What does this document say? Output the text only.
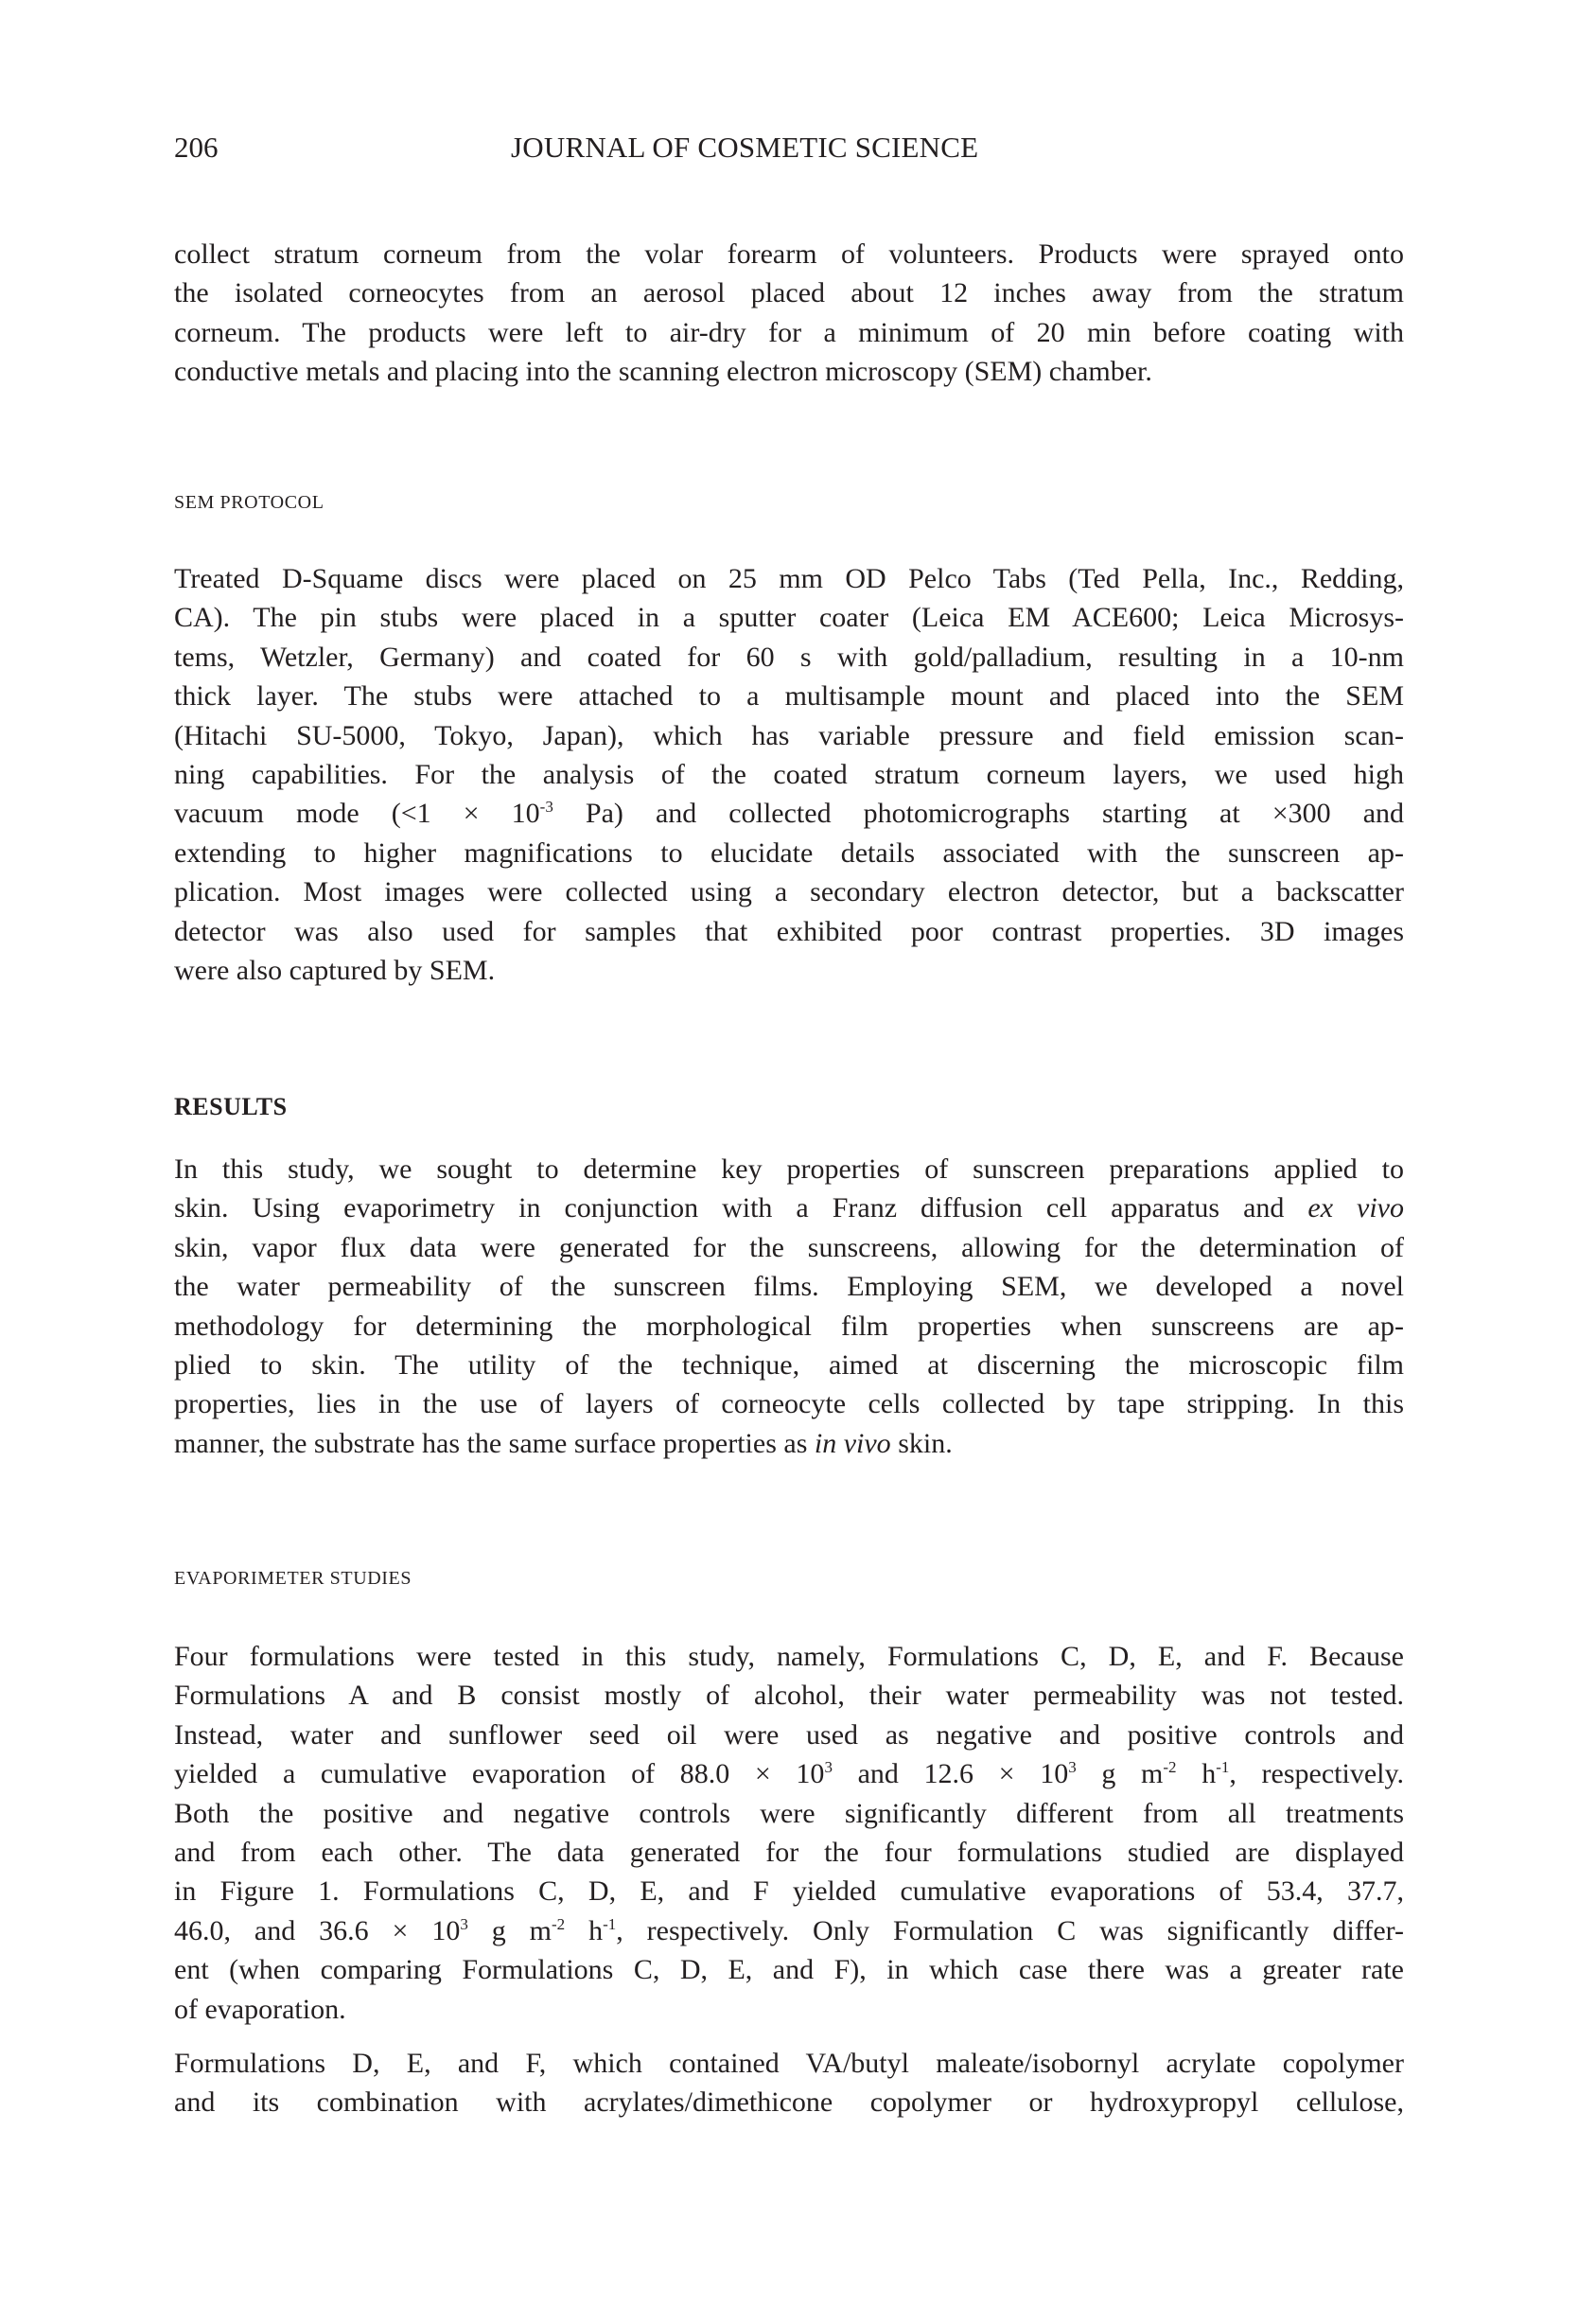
206	JOURNAL OF COSMETIC SCIENCE
collect stratum corneum from the volar forearm of volunteers. Products were sprayed onto
the isolated corneocytes from an aerosol placed about 12 inches away from the stratum
corneum. The products were left to air-dry for a minimum of 20 min before coating with
conductive metals and placing into the scanning electron microscopy (SEM) chamber.
SEM PROTOCOL
Treated D-Squame discs were placed on 25 mm OD Pelco Tabs (Ted Pella, Inc., Redding,
CA). The pin stubs were placed in a sputter coater (Leica EM ACE600; Leica Microsys-
tems, Wetzler, Germany) and coated for 60 s with gold/palladium, resulting in a 10-nm
thick layer. The stubs were attached to a multisample mount and placed into the SEM
(Hitachi SU-5000, Tokyo, Japan), which has variable pressure and field emission scan-
ning capabilities. For the analysis of the coated stratum corneum layers, we used high
vacuum mode ($<1 \times 10^{-3}$ Pa) and collected photomicrographs starting at ×300 and
extending to higher magnifications to elucidate details associated with the sunscreen ap-
plication. Most images were collected using a secondary electron detector, but a backscatter
detector was also used for samples that exhibited poor contrast properties. 3D images
were also captured by SEM.
RESULTS
In this study, we sought to determine key properties of sunscreen preparations applied to
skin. Using evaporimetry in conjunction with a Franz diffusion cell apparatus and ex vivo
skin, vapor flux data were generated for the sunscreens, allowing for the determination of
the water permeability of the sunscreen films. Employing SEM, we developed a novel
methodology for determining the morphological film properties when sunscreens are ap-
plied to skin. The utility of the technique, aimed at discerning the microscopic film
properties, lies in the use of layers of corneocyte cells collected by tape stripping. In this
manner, the substrate has the same surface properties as in vivo skin.
EVAPORIMETER STUDIES
Four formulations were tested in this study, namely, Formulations C, D, E, and F. Because
Formulations A and B consist mostly of alcohol, their water permeability was not tested.
Instead, water and sunflower seed oil were used as negative and positive controls and
yielded a cumulative evaporation of $88.0 \times 10^3$ and $12.6 \times 10^3$ g $m^{-2}$ $h^{-1}$, respectively.
Both the positive and negative controls were significantly different from all treatments
and from each other. The data generated for the four formulations studied are displayed
in Figure 1. Formulations C, D, E, and F yielded cumulative evaporations of 53.4, 37.7,
46.0, and $36.6 \times 10^3$ g $m^{-2}$ $h^{-1}$, respectively. Only Formulation C was significantly differ-
ent (when comparing Formulations C, D, E, and F), in which case there was a greater rate
of evaporation.
Formulations D, E, and F, which contained VA/butyl maleate/isobornyl acrylate copolymer
and its combination with acrylates/dimethicone copolymer or hydroxypropyl cellulose,
